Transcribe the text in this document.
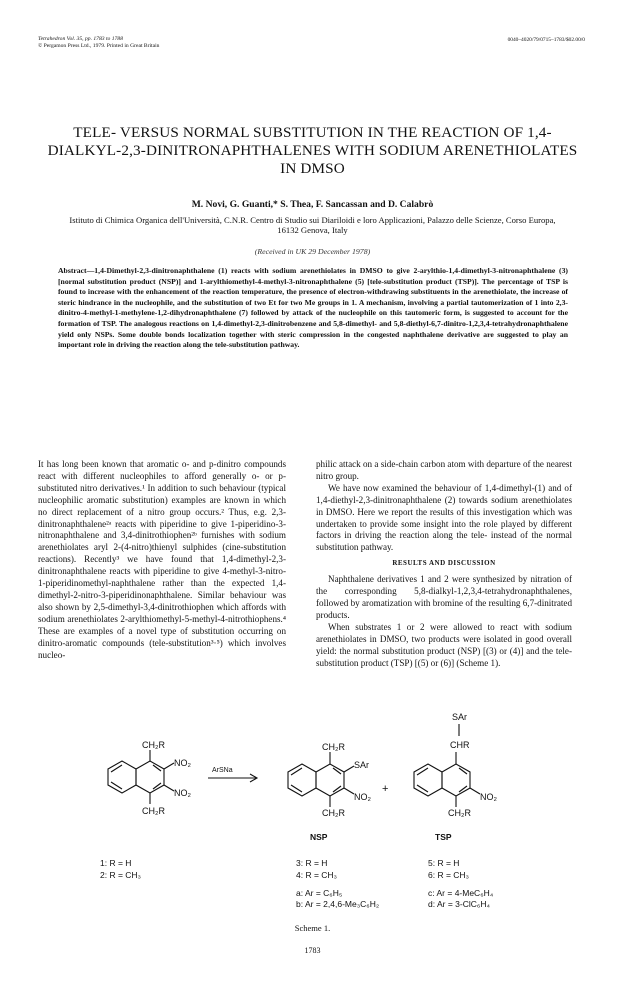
Tetrahedron Vol. 35, pp. 1783 to 1788
© Pergamon Press Ltd., 1979. Printed in Great Britain
0040–4020/79/0715–1783/$02.00/0
TELE- VERSUS NORMAL SUBSTITUTION IN THE REACTION OF 1,4-DIALKYL-2,3-DINITRONAPHTHALENES WITH SODIUM ARENETHIOLATES IN DMSO
M. Novi, G. Guanti,* S. Thea, F. Sancassan and D. Calabrò
Istituto di Chimica Organica dell'Università, C.N.R. Centro di Studio sui Diariloidi e loro Applicazioni, Palazzo delle Scienze, Corso Europa, 16132 Genova, Italy
(Received in UK 29 December 1978)
Abstract—1,4-Dimethyl-2,3-dinitronaphthalene (1) reacts with sodium arenethiolates in DMSO to give 2-arylthio-1,4-dimethyl-3-nitronaphthalene (3) [normal substitution product (NSP)] and 1-arylthiomethyl-4-methyl-3-nitronaphthalene (5) [tele-substitution product (TSP)]. The percentage of TSP is found to increase with the enhancement of the reaction temperature, the presence of electron-withdrawing substituents in the arenethiolate, the increase of steric hindrance in the nucleophile, and the substitution of two Et for two Me groups in 1. A mechanism, involving a partial tautomerization of 1 into 2,3-dinitro-4-methyl-1-methylene-1,2-dihydronaphthalene (7) followed by attack of the nucleophile on this tautomeric form, is suggested to account for the formation of TSP. The analogous reactions on 1,4-dimethyl-2,3-dinitrobenzene and 5,8-dimethyl- and 5,8-diethyl-6,7-dinitro-1,2,3,4-tetrahydronaphthalene yield only NSPs. Some double bonds localization together with steric compression in the congested naphthalene derivative are suggested to play an important role in driving the reaction along the tele-substitution pathway.

It has long been known that aromatic o- and p-dinitro compounds react with different nucleophiles to afford generally o- or p-substituted nitro derivatives.¹ In addition to such behaviour (typical nucleophilic aromatic substitution) examples are known in which no direct replacement of a nitro group occurs.² Thus, e.g. 2,3-dinitronaphthalene²ᵃ reacts with piperidine to give 1-piperidino-3-nitronaphthalene and 3,4-dinitrothiophen²ᵇ furnishes with sodium arenethiolates aryl 2-(4-nitro)thienyl sulphides (cine-substitution reactions). Recently³ we have found that 1,4-dimethyl-2,3-dinitronaphthalene reacts with piperidine to give 4-methyl-3-nitro-1-piperidinomethyl-naphthalene rather than the expected 1,4-dimethyl-2-nitro-3-piperidinonaphthalene. Similar behaviour was also shown by 2,5-dimethyl-3,4-dinitrothiophen which affords with sodium arenethiolates 2-arylthiomethyl-5-methyl-4-nitrothiophens.⁴ These are examples of a novel type of substitution occurring on dinitro-aromatic compounds (tele-substitution³·⁵) which involves nucleo-

philic attack on a side-chain carbon atom with departure of the nearest nitro group.

We have now examined the behaviour of 1,4-dimethyl-(1) and of 1,4-diethyl-2,3-dinitronaphthalene (2) towards sodium arenethiolates in DMSO. Here we report the results of this investigation which was undertaken to provide some insight into the role played by different factors in driving the reaction along the tele- instead of the normal substitution pathway.

RESULTS AND DISCUSSION

Naphthalene derivatives 1 and 2 were synthesized by nitration of the corresponding 5,8-dialkyl-1,2,3,4-tetrahydronaphthalenes, followed by aromatization with bromine of the resulting 6,7-dinitrated products.

When substrates 1 or 2 were allowed to react with sodium arenethiolates in DMSO, two products were isolated in good overall yield: the normal substitution product (NSP) [(3) or (4)] and the tele-substitution product (TSP) [(5) or (6)] (Scheme 1).

CH₂R
NO₂
NO₂
CH₂R
ArSNa
CH₂R
SAr
NO₂
CH₂R
+
SAr
CHR
NO₂
CH₂R
NSP	TSP
1: R = H
2: R = CH₃
3: R = H
4: R = CH₃
5: R = H
6: R = CH₃
a: Ar = C₆H₅
b: Ar = 2,4,6-Me₃C₆H₂
c: Ar = 4-MeC₆H₄
d: Ar = 3-ClC₆H₄
Scheme 1.
1783
